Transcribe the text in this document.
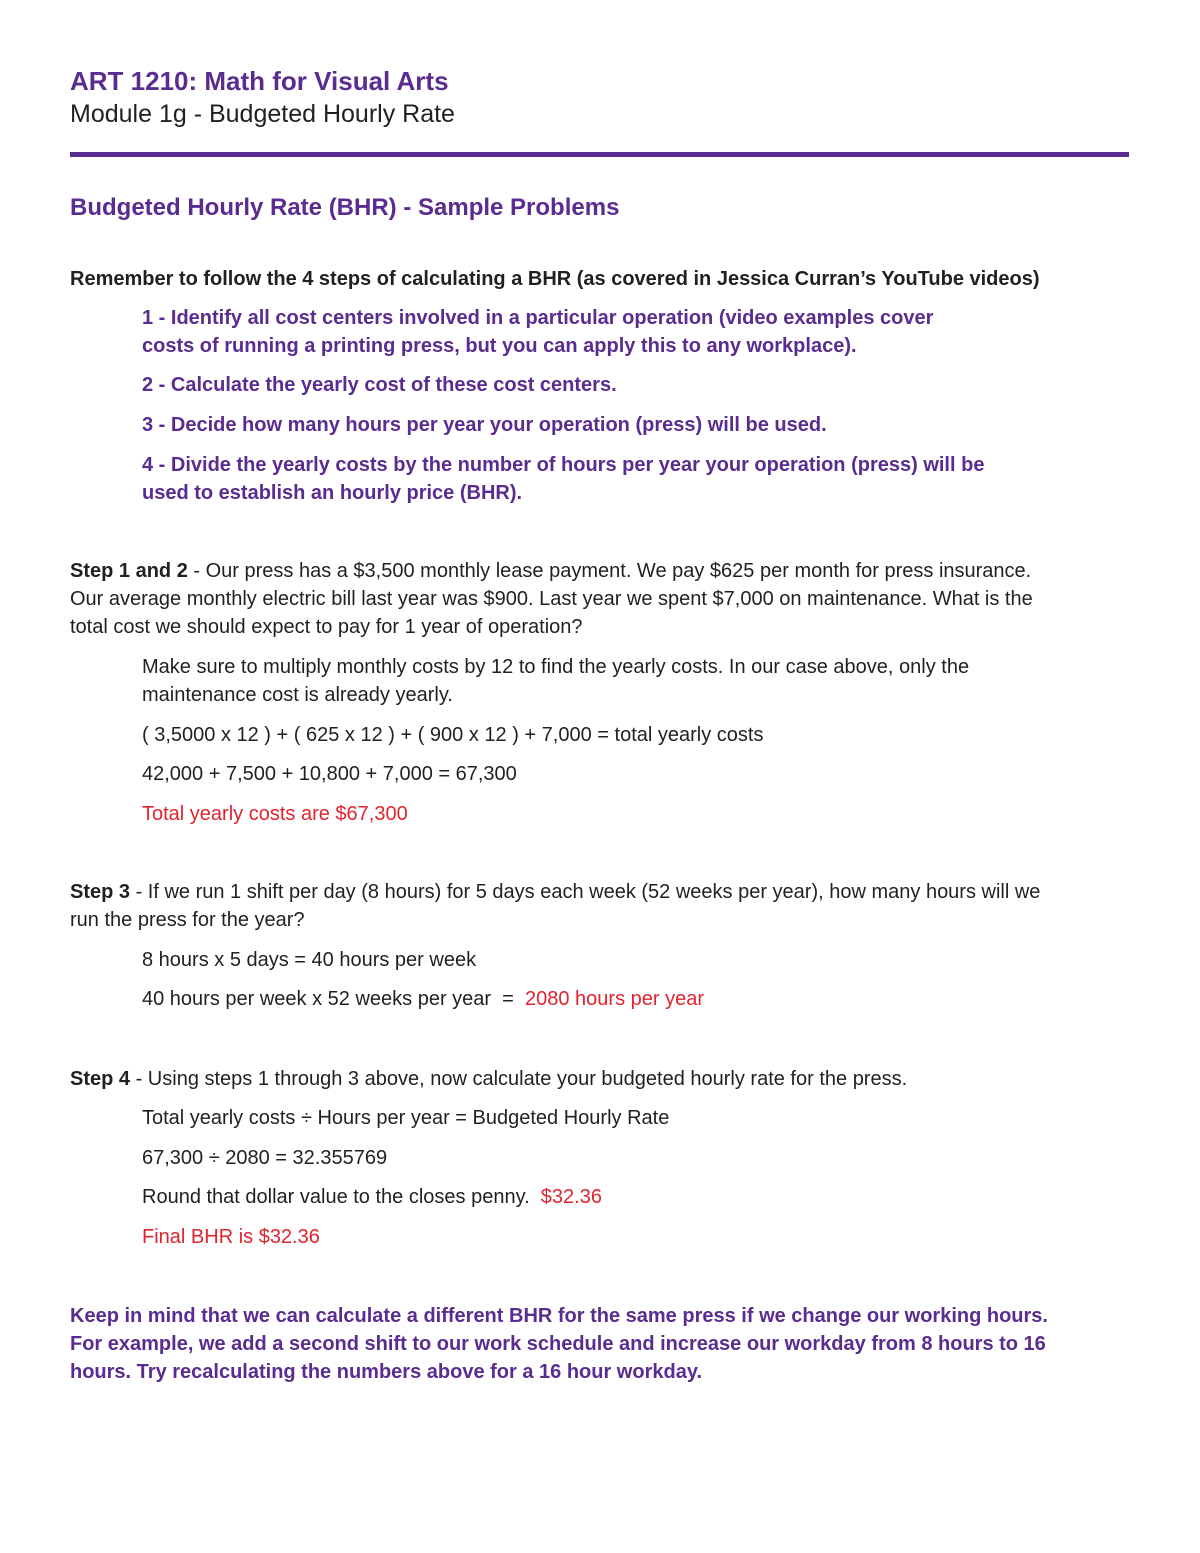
ART 1210: Math for Visual Arts
Module 1g - Budgeted Hourly Rate
Budgeted Hourly Rate (BHR) - Sample Problems
Remember to follow the 4 steps of calculating a BHR (as covered in Jessica Curran’s YouTube videos)
1 - Identify all cost centers involved in a particular operation (video examples cover
costs of running a printing press, but you can apply this to any workplace).
2 - Calculate the yearly cost of these cost centers.
3 - Decide how many hours per year your operation (press) will be used.
4 - Divide the yearly costs by the number of hours per year your operation (press) will be
used to establish an hourly price (BHR).
Step 1 and 2 - Our press has a $3,500 monthly lease payment. We pay $625 per month for press insurance.
Our average monthly electric bill last year was $900. Last year we spent $7,000 on maintenance. What is the
total cost we should expect to pay for 1 year of operation?
Make sure to multiply monthly costs by 12 to find the yearly costs. In our case above, only the
maintenance cost is already yearly.
( 3,5000 x 12 ) + ( 625 x 12 ) + ( 900 x 12 ) + 7,000 = total yearly costs
42,000 + 7,500 + 10,800 + 7,000 = 67,300
Total yearly costs are $67,300
Step 3 - If we run 1 shift per day (8 hours) for 5 days each week (52 weeks per year), how many hours will we
run the press for the year?
8 hours x 5 days = 40 hours per week
40 hours per week x 52 weeks per year  =  2080 hours per year
Step 4 - Using steps 1 through 3 above, now calculate your budgeted hourly rate for the press.
Total yearly costs ÷ Hours per year = Budgeted Hourly Rate
67,300 ÷ 2080 = 32.355769
Round that dollar value to the closes penny.  $32.36
Final BHR is $32.36
Keep in mind that we can calculate a different BHR for the same press if we change our working hours.
For example, we add a second shift to our work schedule and increase our workday from 8 hours to 16
hours. Try recalculating the numbers above for a 16 hour workday.
